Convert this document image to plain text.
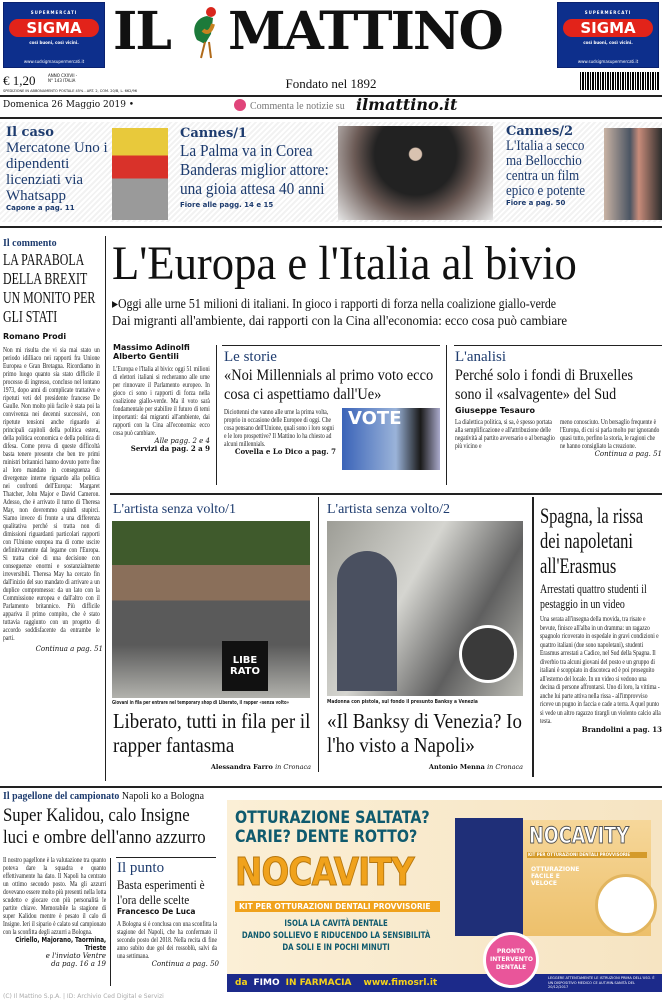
SUPERMERCATI
SIGMA
così buoni, così vicini.
www.sudsigmasupermercati.it
SUPERMERCATI
SIGMA
così buoni, così vicini.
www.sudsigmasupermercati.it
IL MATTINO
€ 1,20	ANNO CXXVII - N° 143 ITALIA
SPEDIZIONE IN ABBONAMENTO POSTALE 45% - ART. 2, COM. 20/B, L. 662/96	Fondato nel 1892
Domenica 26 Maggio 2019 •	Commenta le notizie su ilmattino.it
Il caso
Mercatone Uno i dipendenti licenziati via Whatsapp
Capone a pag. 11
Cannes/1
La Palma va in Corea Banderas miglior attore: una gioia attesa 40 anni
Fiore alle pagg. 14 e 15
Cannes/2
L'Italia a secco ma Bellocchio centra un film epico e potente
Fiore a pag. 50
Il commento
LA PARABOLA DELLA BREXIT UN MONITO PER GLI STATI
Romano Prodi
Non mi risulta che vi sia mai stato un periodo idilliaco nei rapporti fra Unione Europea e Gran Bretagna. Ricordiamo in primo luogo quanto sia stato difficile il processo di ingresso, concluso nel lontano 1973, dopo anni di complicate trattative e ripetuti veti del presidente francese De Gaulle. Non molto più facile è stata poi la convivenza nei decenni successivi, con ripetute tensioni anche riguardo ai principali capitoli della politica estera, della politica economica e della politica di difesa. Come prova di queste difficoltà basta tenere presente che ben tre primi ministri britannici hanno dovuto porre fine al loro mandato in conseguenza di divergenze interne riguardo alla politica nei confronti dell'Europa: Margaret Thatcher, John Major e David Cameron. Adesso, che è arrivato il turno di Theresa May, non dovremmo quindi stupirci. Siamo invece di fronte a una differenza qualitativa perché si tratta non di dimissioni riguardanti particolari rapporti con l'Unione europea ma di come uscire definitivamente dal legame con l'Europa. Si tratta cioè di una decisione con conseguenze enormi e sostanzialmente irreversibili. Theresa May ha cercato fin dall'inizio del suo mandato di arrivare a un duplice compromesso: da un lato con la Commissione europea e dall'altro con il Parlamento britannico. Più difficile appariva il primo compito, che è stato tuttavia raggiunto con un progetto di accordo soddisfacente da entrambe le parti.
Continua a pag. 51
L'Europa e l'Italia al bivio
▸Oggi alle urne 51 milioni di italiani. In gioco i rapporti di forza nella coalizione giallo-verde
Dai migranti all'ambiente, dai rapporti con la Cina all'economia: ecco cosa può cambiare
Massimo Adinolfi
Alberto Gentili
L'Europa e l'Italia al bivio: oggi 51 milioni di elettori italiani si recheranno alle urne per rinnovare il Parlamento europeo. In gioco ci sono i rapporti di forza nella coalizione giallo-verde. Ma il voto sarà fondamentale per stabilire il futuro di temi importanti: dai migranti all'ambiente, dai rapporti con la Cina all'economia: ecco cosa può cambiare.
Alle pagg. 2 e 4
Servizi da pag. 2 a 9
Le storie
«Noi Millennials al primo voto ecco cosa ci aspettiamo dall'Ue»
Diciottenni che vanno alle urne la prima volta, proprio in occasione delle Europee di oggi. Che cosa pensano dell'Unione, quali sono i loro sogni e le loro prospettive? Il Mattino lo ha chiesto ad alcuni millennials.
Covella e Lo Dico a pag. 7
VOTE
L'analisi
Perché solo i fondi di Bruxelles sono il «salvagente» del Sud
Giuseppe Tesauro
La dialettica politica, si sa, è spesso portata alla semplificazione e all'attribuzione delle negatività al partito avversario o al bersaglio più vicino e
meno conosciuto. Un bersaglio frequente è l'Europa, di cui si parla molto pur ignorando quasi tutto, perfino la storia, le ragioni che ne hanno consigliato la creazione.
Continua a pag. 51
L'artista senza volto/1
LIBE RATO
Giovani in fila per entrare nel temporary shop di Liberato, il rapper «senza volto»
Liberato, tutti in fila per il rapper fantasma
Alessandra Farro in Cronaca
L'artista senza volto/2
Madonna con pistola, sul fondo il presunto Banksy a Venezia
«Il Banksy di Venezia? Io l'ho visto a Napoli»
Antonio Menna in Cronaca
Spagna, la rissa dei napoletani all'Erasmus
Arrestati quattro studenti il pestaggio in un video
Una serata all'insegna della movida, tra risate e bevute, finisce all'alba in un dramma: un ragazzo spagnolo ricoverato in ospedale in gravi condizioni e quattro italiani (due sono napoletani), studenti Erasmus arrestati a Cadice, nel Sud della Spagna. Il diverbio tra alcuni giovani del posto e un gruppo di italiani è scoppiato in discoteca ed è poi proseguito all'esterno del locale. In un video si vedono una decina di persone affrontarsi. Uno di loro, la vittima - anche lui parte attiva nella rissa - all'improvviso riceve un pugno in faccia e cade a terra. A quel punto si vede un altro ragazzo tirargli un violento calcio alla testa.
Brandolini a pag. 13
Il pagellone del campionato Napoli ko a Bologna
Super Kalidou, calo Insigne luci e ombre dell'anno azzurro
Il nostro pagellone è la valutazione tra quanto poteva dare la squadra e quanto effettivamente ha dato. Il Napoli ha centrato un ottimo secondo posto. Ma gli azzurri dovevano essere molto più presenti nella lotta scudetto e giocare con più personalità le partite chiave. Memorabile la stagione di super Kalidou mentre è pesato il calo di Insigne. Ieri il sipario è calato sul campionato con la sconfitta degli azzurri a Bologna.
Ciriello, Majorano, Taormina, Trieste
e l'inviato Ventre
da pag. 16 a 19
Il punto
Basta esperimenti è l'ora delle scelte
Francesco De Luca
A Bologna si è conclusa con una sconfitta la stagione del Napoli, che ha confermato il secondo posto del 2018. Nella recita di fine anno subito due gol dei rossoblù, salvi da una settimana.
Continua a pag. 50
(C) Il Mattino S.p.A. | ID: Archivio Ced Digital e Servizi
OTTURAZIONE SALTATA?
CARIE? DENTE ROTTO?
NOCAVITY
KIT PER OTTURAZIONI DENTALI PROVVISORIE
ISOLA LA CAVITÀ DENTALE
DANDO SOLLIEVO E RIDUCENDO LA SENSIBILITÀ
DA SOLI E IN POCHI MINUTI
NOCAVITY
KIT PER OTTURAZIONI DENTALI PROVVISORIE
OTTURAZIONE FACILE E VELOCE
da FIMO IN FARMACIA www.fimosrl.it	LEGGERE ATTENTAMENTE LE ISTRUZIONI PRIMA DELL'USO. È UN DISPOSITIVO MEDICO CE AUT.MIN.SANITÀ DEL 20/12/2017
PRONTO INTERVENTO DENTALE
